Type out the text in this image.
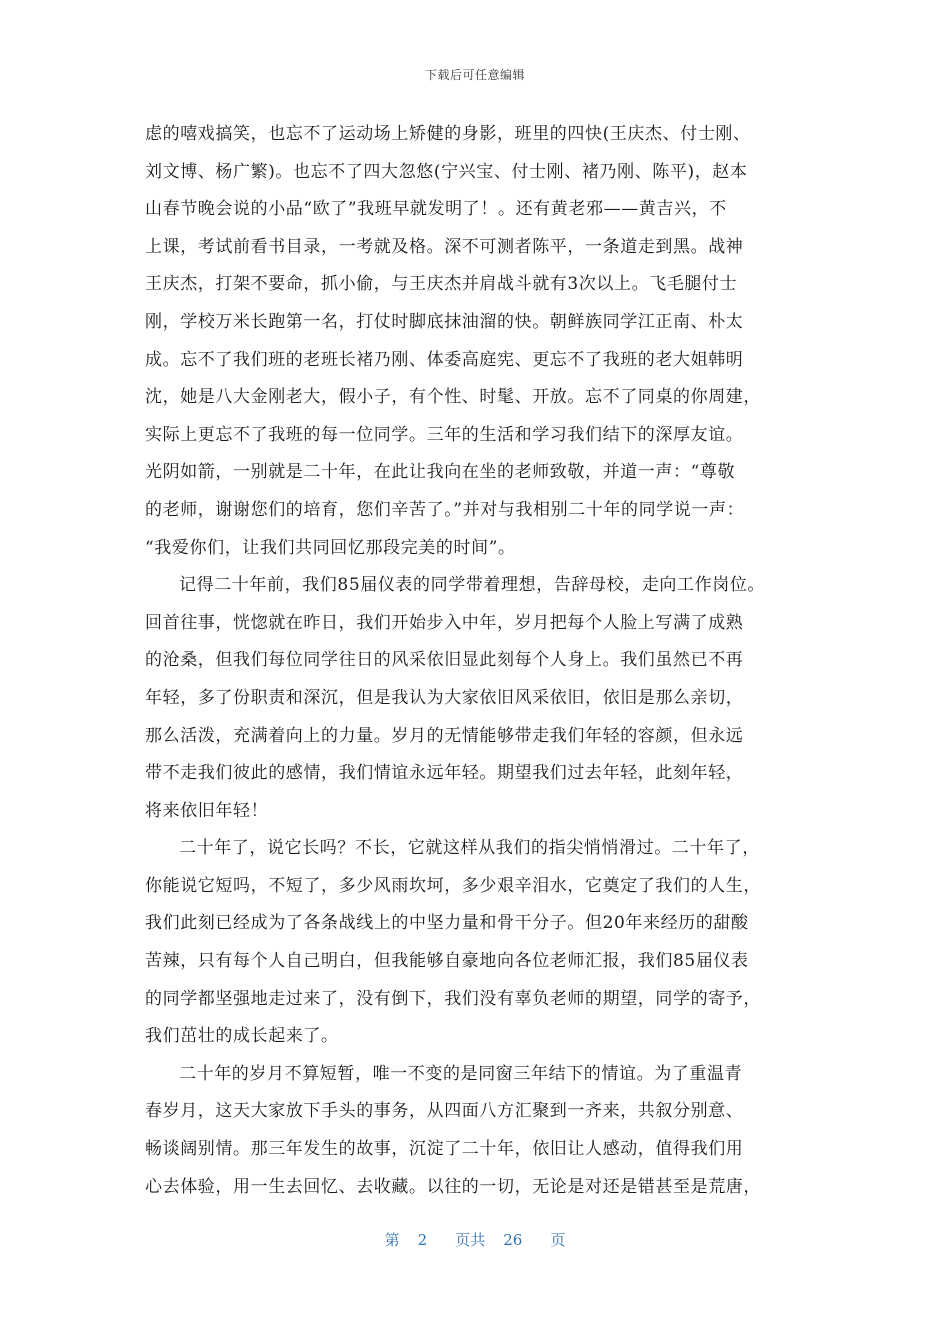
下载后可任意编辑
虑的嘻戏搞笑，也忘不了运动场上矫健的身影，班里的四快(王庆杰、付士刚、
刘文博、杨广繁)。也忘不了四大忽悠(宁兴宝、付士刚、褚乃刚、陈平)，赵本
山春节晚会说的小品“欧了”我班早就发明了！。还有黄老邪——黄吉兴，不
上课，考试前看书目录，一考就及格。深不可测者陈平，一条道走到黑。战神
王庆杰，打架不要命，抓小偷，与王庆杰并肩战斗就有3次以上。飞毛腿付士
刚，学校万米长跑第一名，打仗时脚底抹油溜的快。朝鲜族同学江正南、朴太
成。忘不了我们班的老班长褚乃刚、体委高庭宪、更忘不了我班的老大姐韩明
沈，她是八大金刚老大，假小子，有个性、时髦、开放。忘不了同桌的你周建，
实际上更忘不了我班的每一位同学。三年的生活和学习我们结下的深厚友谊。
光阴如箭，一别就是二十年，在此让我向在坐的老师致敬，并道一声：“尊敬
的老师，谢谢您们的培育，您们辛苦了。”并对与我相别二十年的同学说一声：
“我爱你们，让我们共同回忆那段完美的时间”。
记得二十年前，我们85届仪表的同学带着理想，告辞母校，走向工作岗位。
回首往事，恍惚就在昨日，我们开始步入中年，岁月把每个人脸上写满了成熟
的沧桑，但我们每位同学往日的风采依旧显此刻每个人身上。我们虽然已不再
年轻，多了份职责和深沉，但是我认为大家依旧风采依旧，依旧是那么亲切，
那么活泼，充满着向上的力量。岁月的无情能够带走我们年轻的容颜，但永远
带不走我们彼此的感情，我们情谊永远年轻。期望我们过去年轻，此刻年轻，
将来依旧年轻！
二十年了，说它长吗？不长，它就这样从我们的指尖悄悄滑过。二十年了，
你能说它短吗，不短了，多少风雨坎坷，多少艰辛泪水，它奠定了我们的人生，
我们此刻已经成为了各条战线上的中坚力量和骨干分子。但20年来经历的甜酸
苦辣，只有每个人自己明白，但我能够自豪地向各位老师汇报，我们85届仪表
的同学都坚强地走过来了，没有倒下，我们没有辜负老师的期望，同学的寄予，
我们茁壮的成长起来了。
二十年的岁月不算短暂，唯一不变的是同窗三年结下的情谊。为了重温青
春岁月，这天大家放下手头的事务，从四面八方汇聚到一齐来，共叙分别意、
畅谈阔别情。那三年发生的故事，沉淀了二十年，依旧让人感动，值得我们用
心去体验，用一生去回忆、去收藏。以往的一切，无论是对还是错甚至是荒唐，
第 2 页共 26 页
